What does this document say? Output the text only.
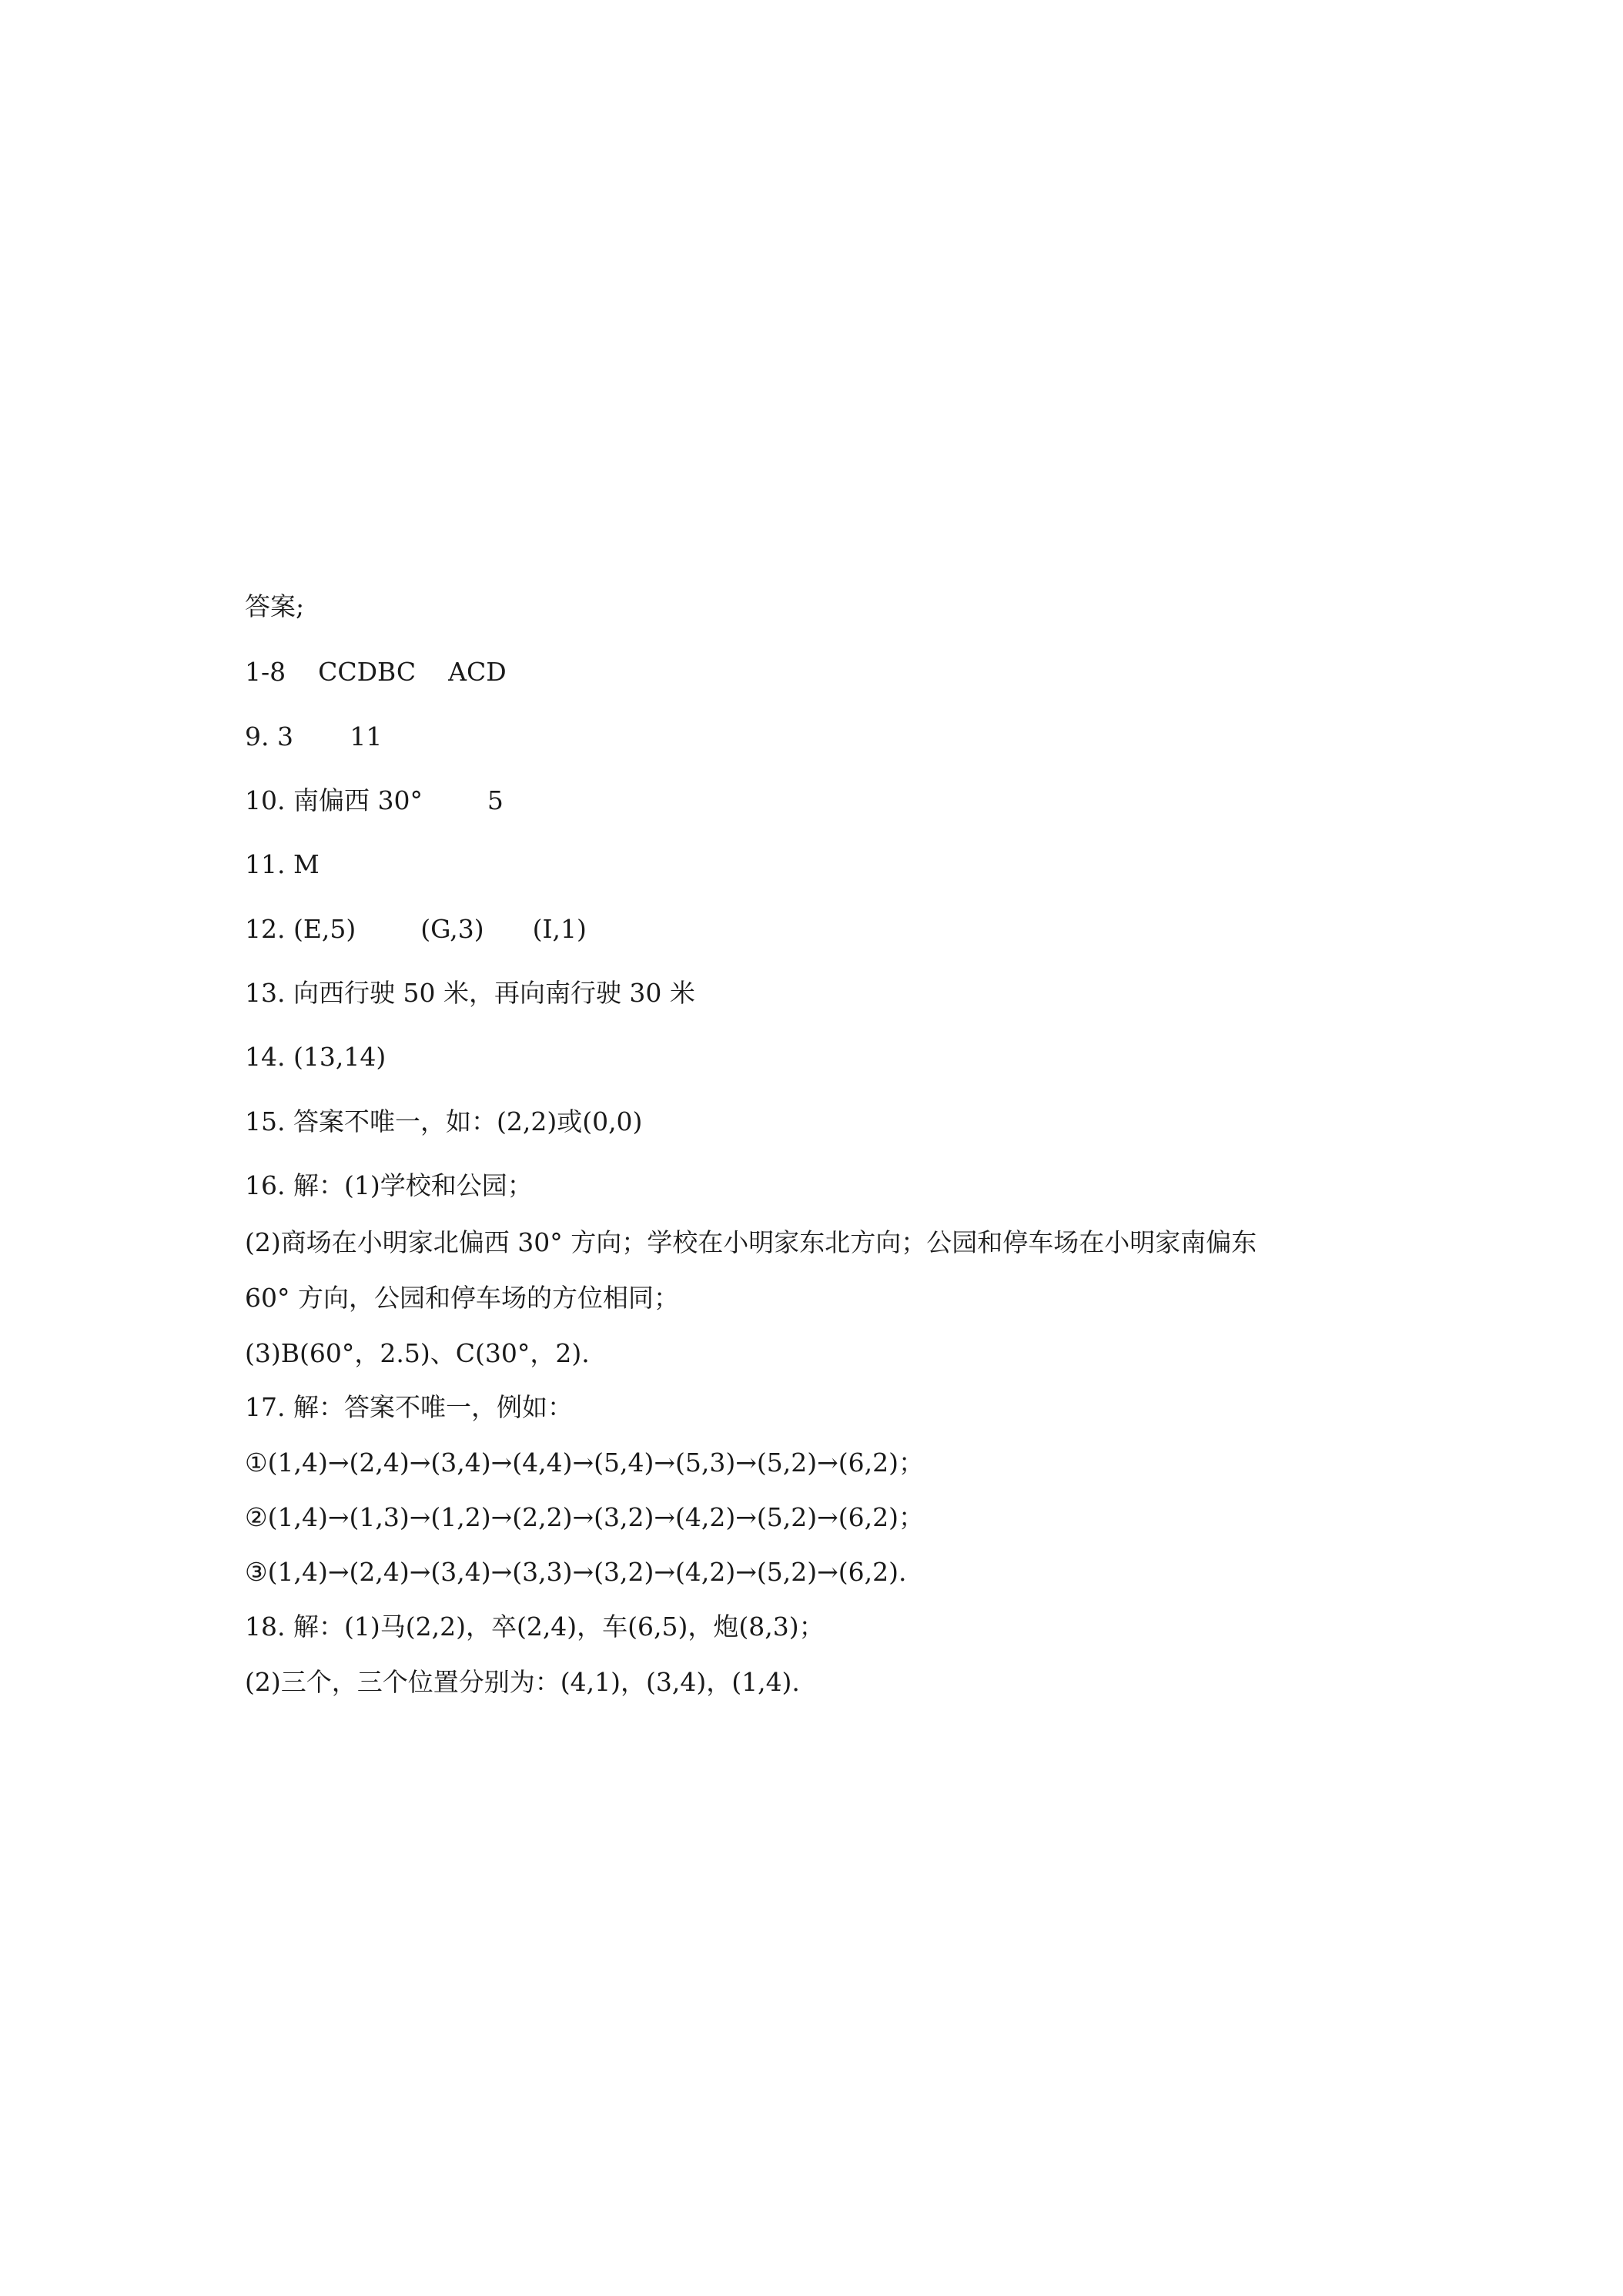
答案;
1-8    CCDBC    ACD
9. 3       11
10. 南偏西 30°        5
11. M
12. (E,5)        (G,3)      (I,1)
13. 向西行驶 50 米，再向南行驶 30 米
14. (13,14)
15. 答案不唯一，如：(2,2)或(0,0)
16. 解：(1)学校和公园；
(2)商场在小明家北偏西 30° 方向；学校在小明家东北方向；公园和停车场在小明家南偏东
60° 方向，公园和停车场的方位相同；
(3)B(60°，2.5)、C(30°，2).
17. 解：答案不唯一，例如：
①(1,4)→(2,4)→(3,4)→(4,4)→(5,4)→(5,3)→(5,2)→(6,2)；
②(1,4)→(1,3)→(1,2)→(2,2)→(3,2)→(4,2)→(5,2)→(6,2)；
③(1,4)→(2,4)→(3,4)→(3,3)→(3,2)→(4,2)→(5,2)→(6,2).
18. 解：(1)马(2,2)，卒(2,4)，车(6,5)，炮(8,3)；
(2)三个，三个位置分别为：(4,1)，(3,4)，(1,4).
